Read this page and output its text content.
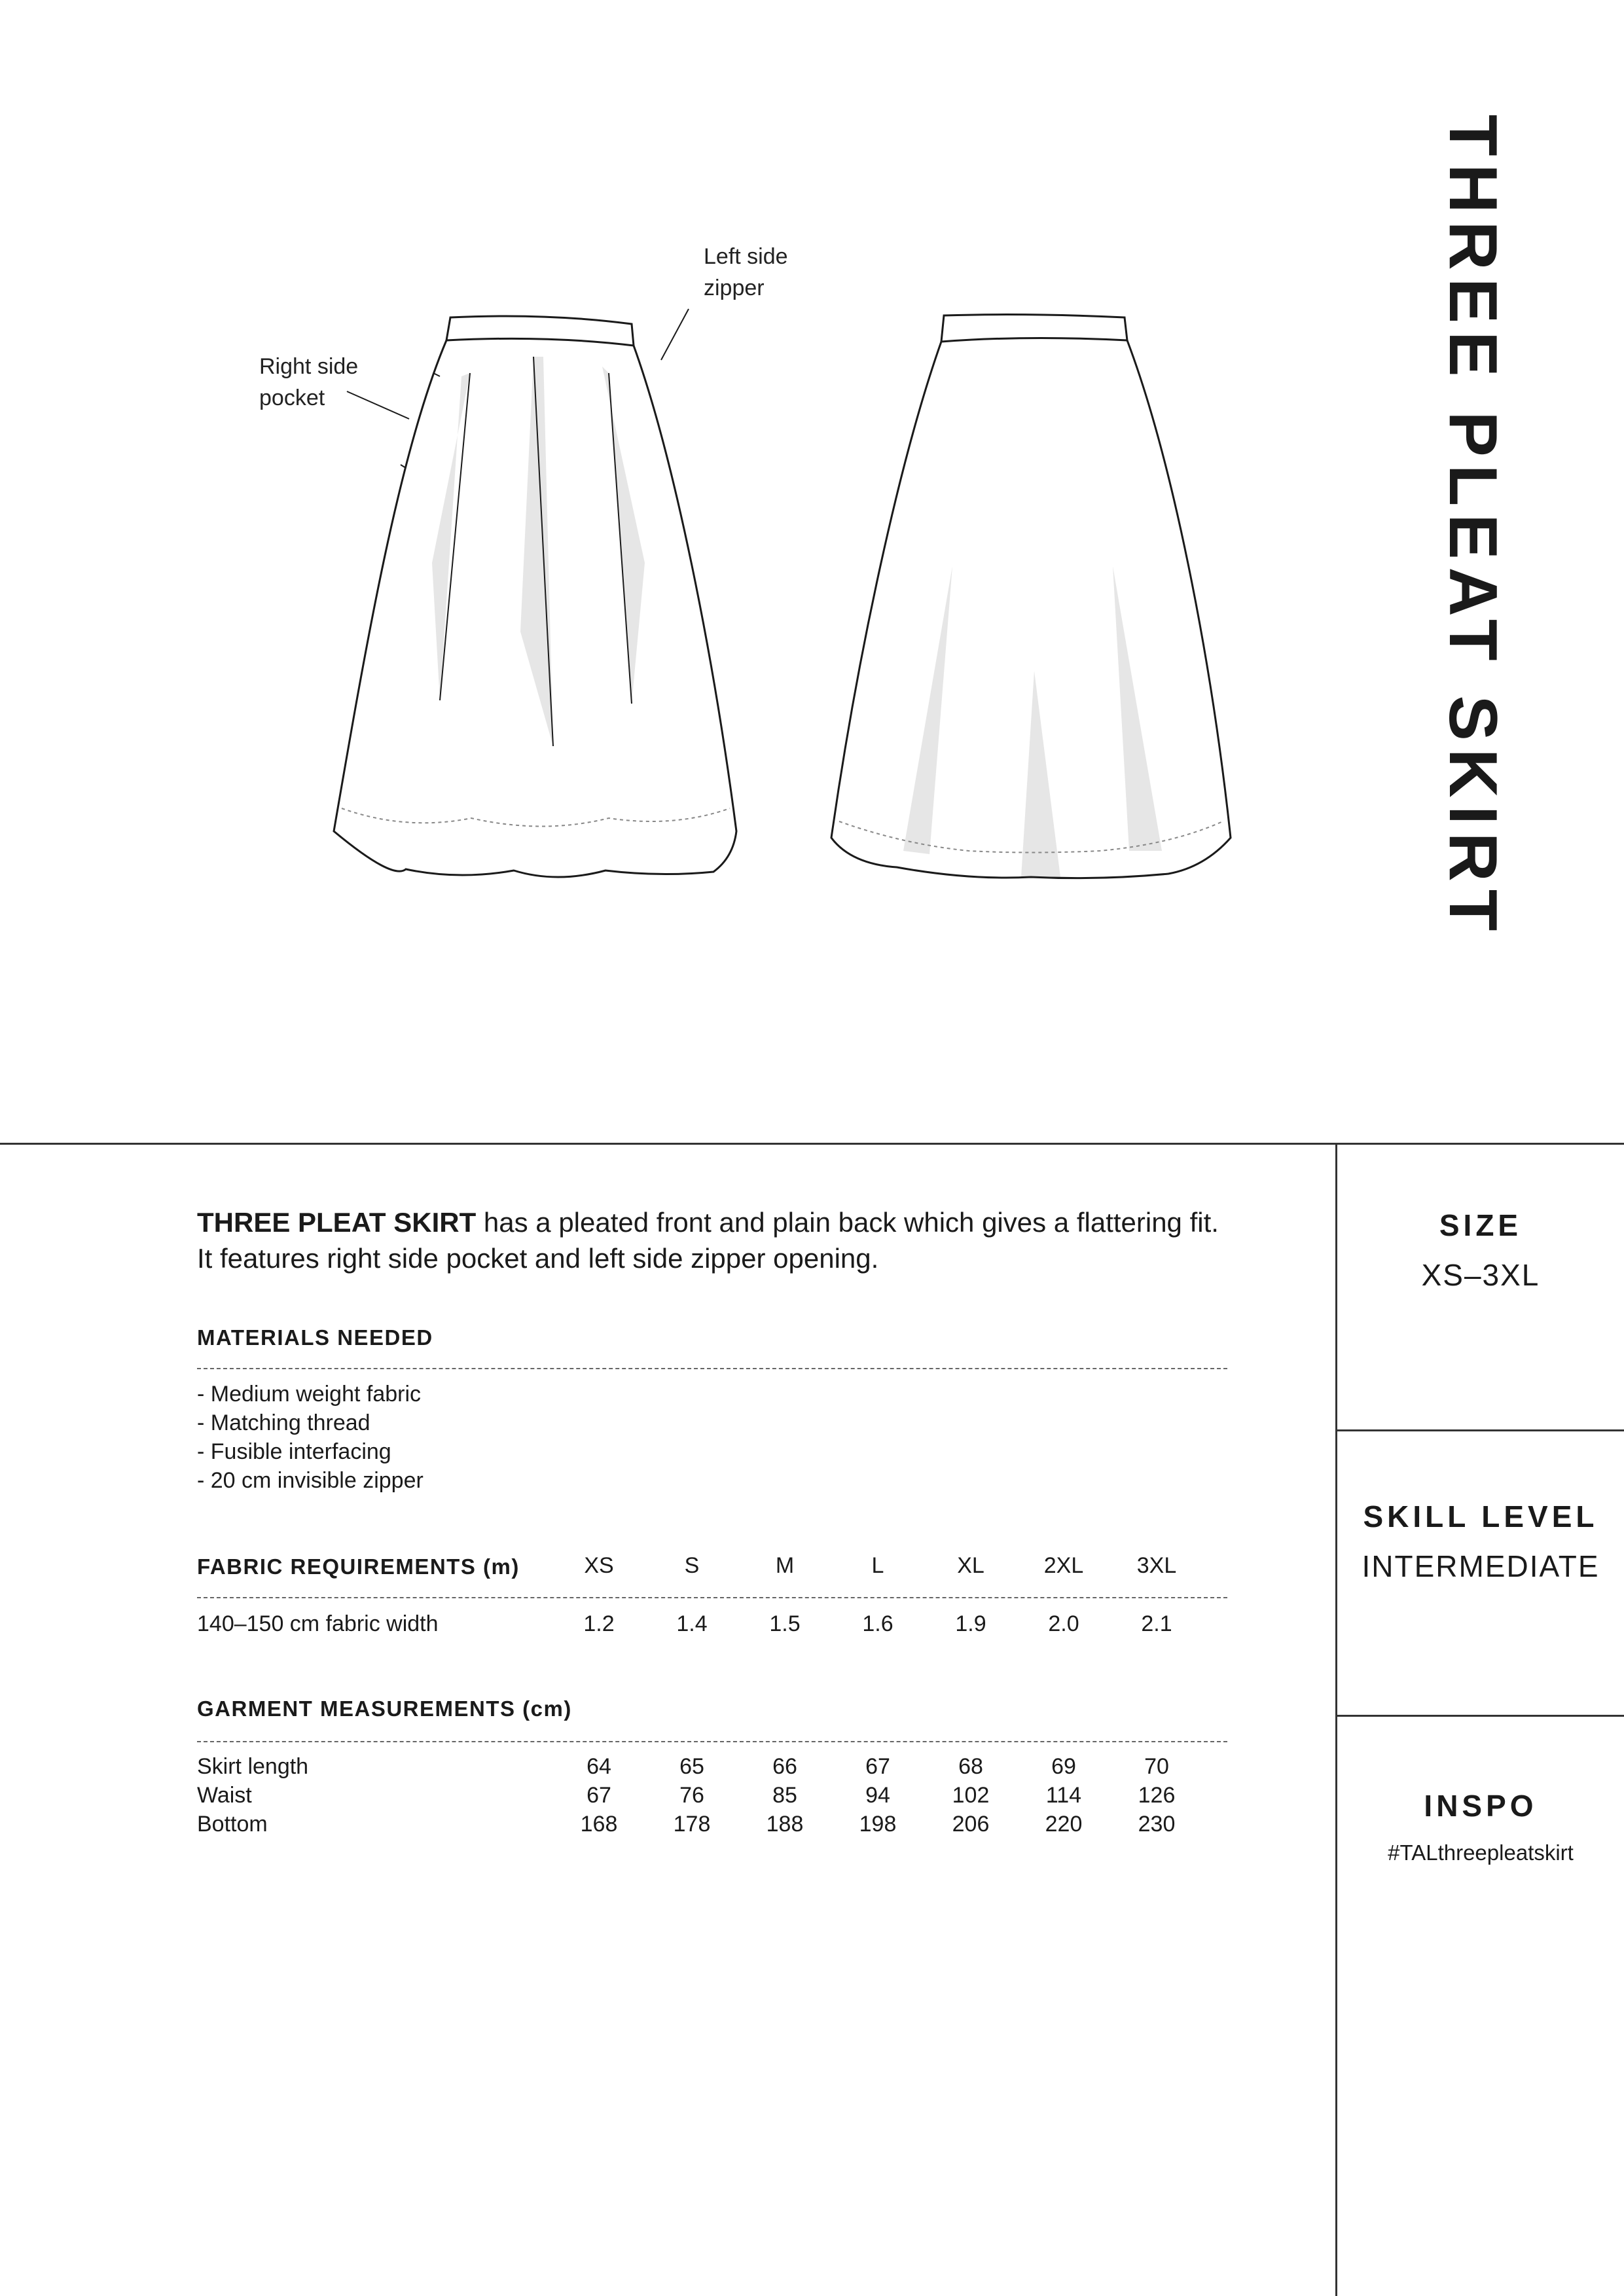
THREE PLEAT SKIRT
Left side
zipper
Right side
pocket
SIZE
XS–3XL
SKILL LEVEL
INTERMEDIATE
INSPO
#TALthreepleatskirt
THREE PLEAT SKIRT has a pleated front and plain back which gives a flattering fit.
It features right side pocket and left side zipper opening.
MATERIALS NEEDED
- Medium weight fabric
- Matching thread
- Fusible interfacing
- 20 cm invisible zipper
FABRIC REQUIREMENTS (m)	XS	S	M	L	XL	2XL	3XL
140–150 cm fabric width	1.2	1.4	1.5	1.6	1.9	2.0	2.1
GARMENT MEASUREMENTS (cm)
Skirt length	64	65	66	67	68	69	70
Waist	67	76	85	94	102	114	126
Bottom	168	178	188	198	206	220	230
